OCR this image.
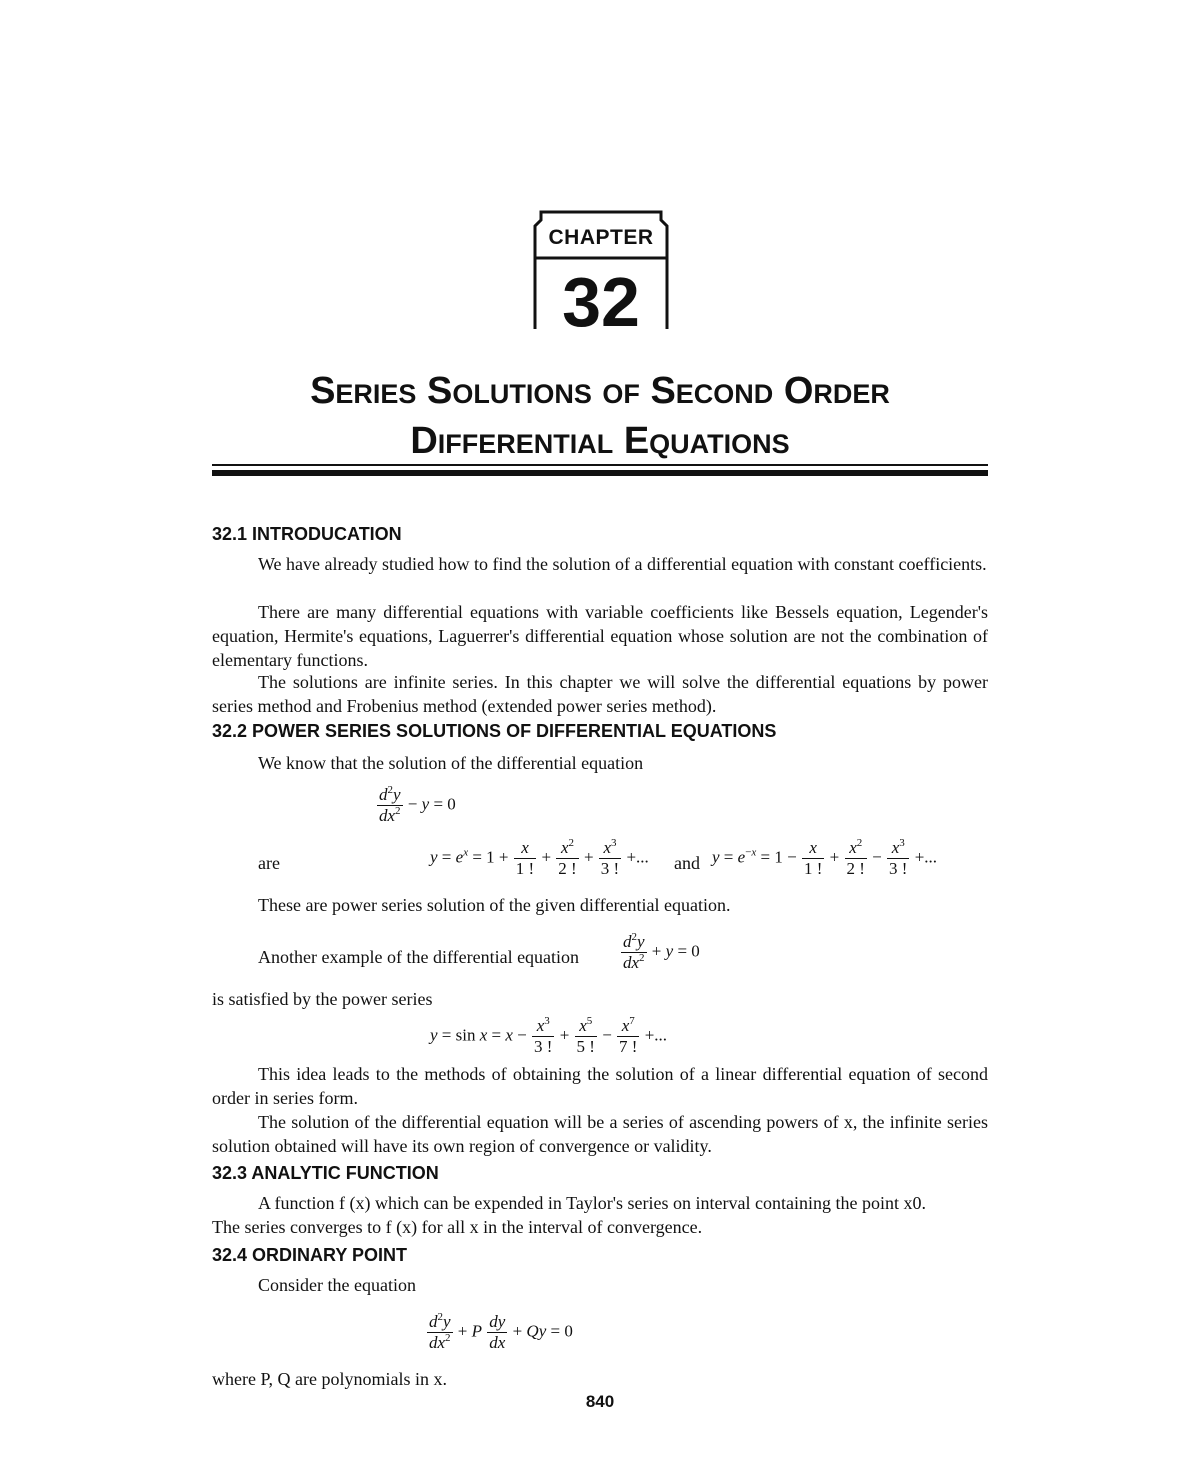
CHAPTER
32
Series Solutions of Second Order
Differential Equations
32.1 INTRODUCATION
We have already studied how to find the solution of a differential equation with constant coefficients.
There are many differential equations with variable coefficients like Bessels equation, Legender's equation, Hermite's equations, Laguerrer's differential equation whose solution are not the combination of elementary functions.
The solutions are infinite series. In this chapter we will solve the differential equations by power series method and Frobenius method (extended power series method).
32.2 POWER SERIES SOLUTIONS OF DIFFERENTIAL EQUATIONS
We know that the solution of the differential equation
$\frac{d^2y}{dx^2} - y = 0$
are	$y = e^x = 1 + \frac{x}{1 !} + \frac{x^2}{2 !} + \frac{x^3}{3 !}$ +... and $y = e^{-x} = 1 - \frac{x}{1 !} + \frac{x^2}{2 !} - \frac{x^3}{3 !}$ +...
These are power series solution of the given differential equation.
Another example of the differential equation $\frac{d^2y}{dx^2} + y = 0$
is satisfied by the power series
$y = \sin x = x - \frac{x^3}{3 !} + \frac{x^5}{5 !} - \frac{x^7}{7 !}$ +...
This idea leads to the methods of obtaining the solution of a linear differential equation of second order in series form.
The solution of the differential equation will be a series of ascending powers of x, the infinite series solution obtained will have its own region of convergence or validity.
32.3 ANALYTIC FUNCTION
A function f (x) which can be expended in Taylor's series on interval containing the point x0.
The series converges to f (x) for all x in the interval of convergence.
32.4 ORDINARY POINT
Consider the equation
$\frac{d^2y}{dx^2} + P \frac{dy}{dx} + Qy = 0$
where P, Q are polynomials in x.
840
